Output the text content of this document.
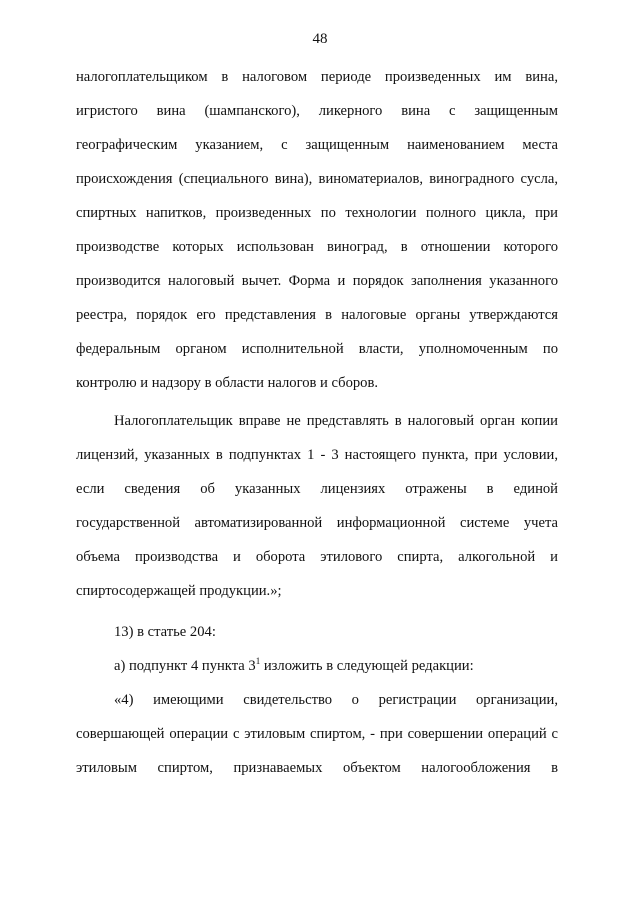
48
налогоплательщиком в налоговом периоде произведенных им вина,
игристого вина (шампанского), ликерного вина с защищенным
географическим указанием, с защищенным наименованием места
происхождения (специального вина), виноматериалов, виноградного сусла,
спиртных напитков, произведенных по технологии полного цикла, при
производстве которых использован виноград, в отношении которого
производится налоговый вычет. Форма и порядок заполнения указанного
реестра, порядок его представления в налоговые органы утверждаются
федеральным органом исполнительной власти, уполномоченным по
контролю и надзору в области налогов и сборов.
Налогоплательщик вправе не представлять в налоговый орган копии
лицензий, указанных в подпунктах 1 - 3 настоящего пункта, при условии,
если сведения об указанных лицензиях отражены в единой
государственной автоматизированной информационной системе учета
объема производства и оборота этилового спирта, алкогольной и
спиртосодержащей продукции.»;
13) в статье 204:
а) подпункт 4 пункта $3^1$ изложить в следующей редакции:
«4) имеющими свидетельство о регистрации организации,
совершающей операции с этиловым спиртом, - при совершении операций с
этиловым спиртом, признаваемых объектом налогообложения в
